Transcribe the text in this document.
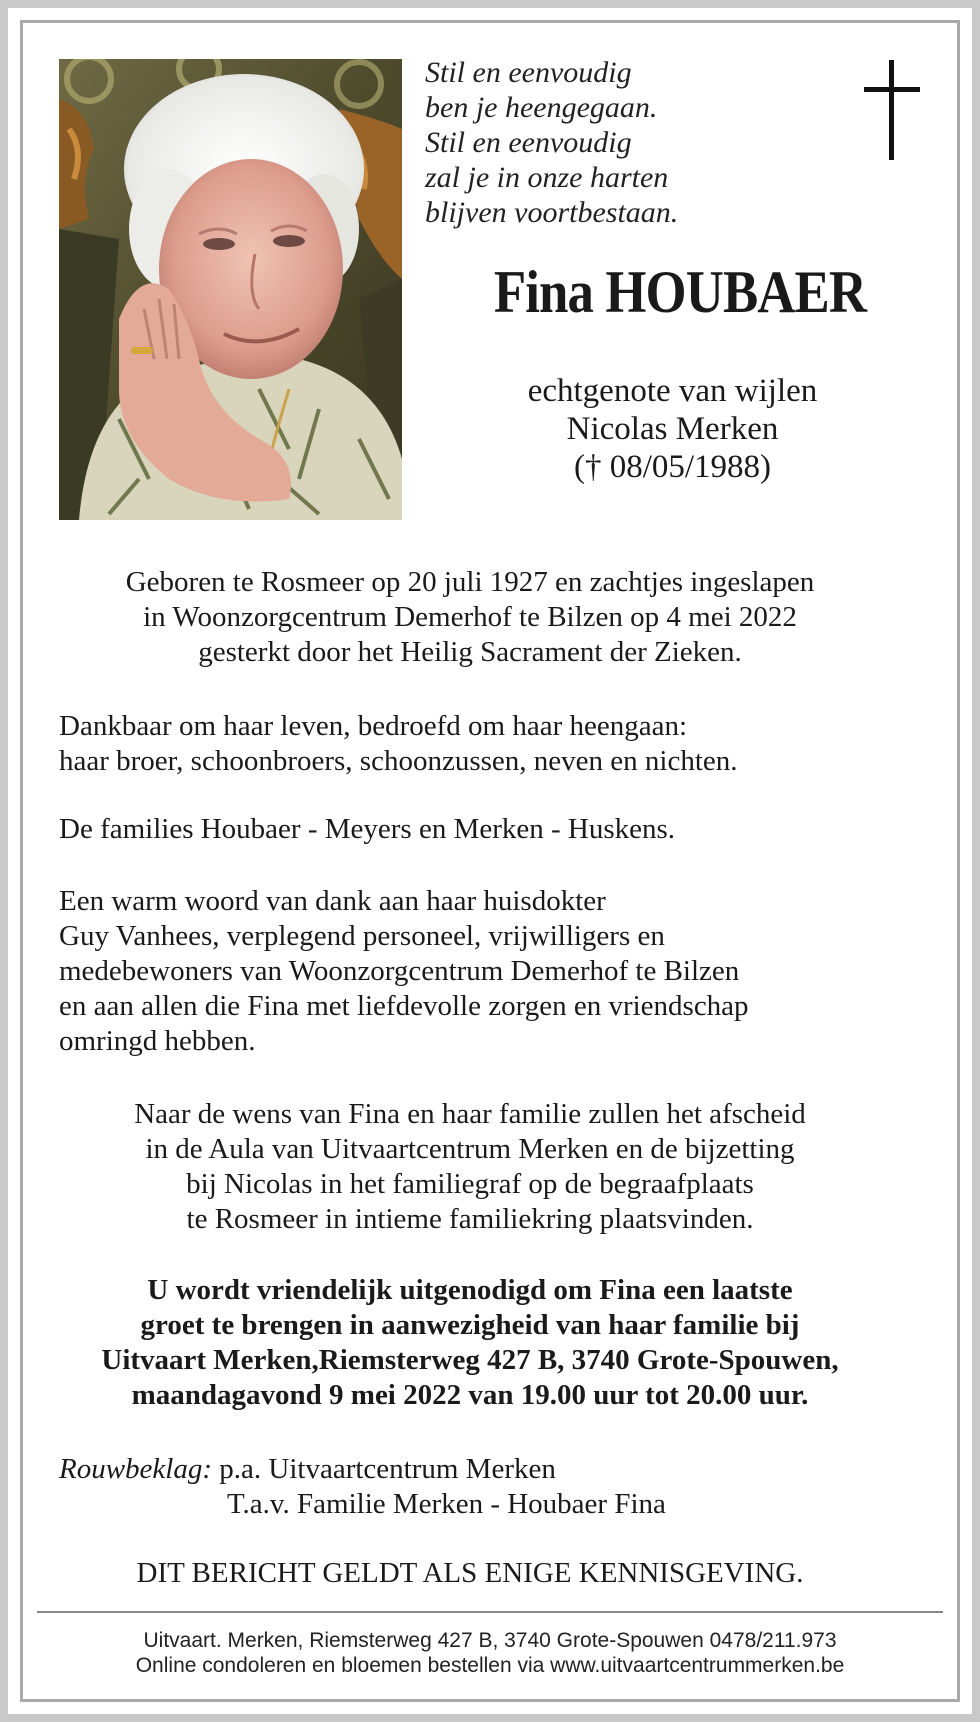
Stil en eenvoudig
ben je heengegaan.
Stil en eenvoudig
zal je in onze harten
blijven voortbestaan.
Fina HOUBAER
echtgenote van wijlen
Nicolas Merken
(† 08/05/1988)
Geboren te Rosmeer op 20 juli 1927 en zachtjes ingeslapen
in Woonzorgcentrum Demerhof te Bilzen op 4 mei 2022
gesterkt door het Heilig Sacrament der Zieken.
Dankbaar om haar leven, bedroefd om haar heengaan:
haar broer, schoonbroers, schoonzussen, neven en nichten.
De families Houbaer - Meyers en Merken - Huskens.
Een warm woord van dank aan haar huisdokter
Guy Vanhees, verplegend personeel, vrijwilligers en
medebewoners van Woonzorgcentrum Demerhof te Bilzen
en aan allen die Fina met liefdevolle zorgen en vriendschap
omringd hebben.
Naar de wens van Fina en haar familie zullen het afscheid
in de Aula van Uitvaartcentrum Merken en de bijzetting
bij Nicolas in het familiegraf op de begraafplaats
te Rosmeer in intieme familiekring plaatsvinden.
U wordt vriendelijk uitgenodigd om Fina een laatste
groet te brengen in aanwezigheid van haar familie bij
Uitvaart Merken,Riemsterweg 427 B, 3740 Grote-Spouwen,
maandagavond 9 mei 2022 van 19.00 uur tot 20.00 uur.
Rouwbeklag: p.a. Uitvaartcentrum Merken
T.a.v. Familie Merken - Houbaer Fina
DIT BERICHT GELDT ALS ENIGE KENNISGEVING.
Uitvaart. Merken, Riemsterweg 427 B, 3740 Grote-Spouwen 0478/211.973
Online condoleren en bloemen bestellen via www.uitvaartcentrummerken.be
